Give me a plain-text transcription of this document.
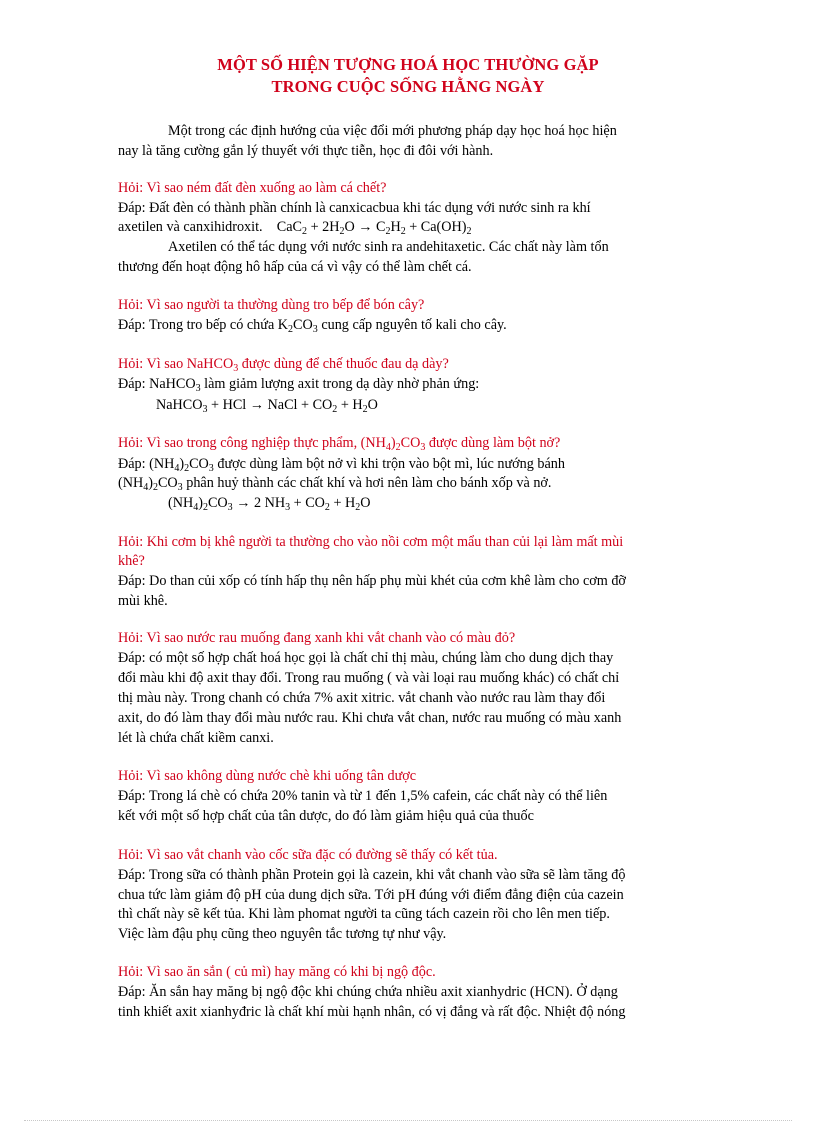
MỘT SỐ HIỆN TƯỢNG HOÁ HỌC THƯỜNG GẶP
TRONG CUỘC SỐNG HẰNG NGÀY

Một trong các định hướng của việc đổi mới phương pháp dạy học hoá học hiện

nay là tăng cường gắn lý thuyết với thực tiễn, học đi đôi với hành.

Hỏi: Vì sao ném đất đèn xuống ao làm cá chết?

Đáp: Đất đèn có thành phần chính là canxicacbua khi tác dụng với nước sinh ra khí

axetilen và canxihidroxit. $CaC_2 + 2H_2O \to C_2H_2 + Ca(OH)_2$

Axetilen có thể tác dụng với nước sinh ra andehitaxetic. Các chất này làm tổn

thương đến hoạt động hô hấp của cá vì vậy có thể làm chết cá.

Hỏi: Vì sao người ta thường dùng tro bếp để bón cây?

Đáp: Trong tro bếp có chứa $K_2CO_3$ cung cấp nguyên tố kali cho cây.

Hỏi: Vì sao NaHCO$_3$ được dùng để chế thuốc đau dạ dày?

Đáp: NaHCO$_3$ làm giảm lượng axit trong dạ dày nhờ phản ứng:

NaHCO$_3$ + HCl → NaCl + $CO_2 + H_2O$

Hỏi: Vì sao trong công nghiệp thực phẩm, $(NH_4)_2CO_3$ được dùng làm bột nở?

Đáp: $(NH_4)_2CO_3$ được dùng làm bột nở vì khi trộn vào bột mì, lúc nướng bánh

$(NH_4)_2CO_3$ phân huỷ thành các chất khí và hơi nên làm cho bánh xốp và nở.

$(NH_4)_2CO_3 \to 2$ $NH_3 + CO_2 + H_2O$

Hỏi: Khi cơm bị khê người ta thường cho vào nồi cơm một mẩu than củi lại làm mất mùi

khê?

Đáp: Do than củi xốp có tính hấp thụ nên hấp phụ mùi khét của cơm khê làm cho cơm đỡ

mùi khê.

Hỏi: Vì sao nước rau muống đang xanh khi vắt chanh vào có màu đỏ?

Đáp: có một số hợp chất hoá học gọi là chất chỉ thị màu, chúng làm cho dung dịch thay

đổi màu khi độ axit thay đổi. Trong rau muống ( và vài loại rau muống khác) có chất chỉ

thị màu này. Trong chanh có chứa 7% axit xitric. vắt chanh vào nước rau làm thay đổi

axit, do đó làm thay đổi màu nước rau. Khi chưa vắt chan, nước rau muống có màu xanh

lét là chứa chất kiềm canxi.

Hỏi: Vì sao không dùng nước chè khi uống tân dược

Đáp: Trong lá chè có chứa 20% tanin và từ 1 đến 1,5% cafein, các chất này có thể liên

kết với một số hợp chất của tân dược, do đó làm giảm hiệu quả của thuốc

Hỏi: Vì sao vắt chanh vào cốc sữa đặc có đường sẽ thấy có kết tủa.

Đáp: Trong sữa có thành phần Protein gọi là cazein, khi vắt chanh vào sữa sẽ làm tăng độ

chua tức làm giảm độ pH của dung dịch sữa. Tới pH đúng với điểm đẳng điện của cazein

thì chất này sẽ kết tủa. Khi làm phomat người ta cũng tách cazein rồi cho lên men tiếp.

Việc làm đậu phụ cũng theo nguyên tắc tương tự như vậy.

Hỏi: Vì sao ăn sắn ( củ mì) hay măng có khi bị ngộ độc.

Đáp: Ăn sắn hay măng bị ngộ độc khi chúng chứa nhiều axit xianhydric (HCN). Ở dạng

tinh khiết axit xianhyđric là chất khí mùi hạnh nhân, có vị đắng và rất độc. Nhiệt độ nóng
